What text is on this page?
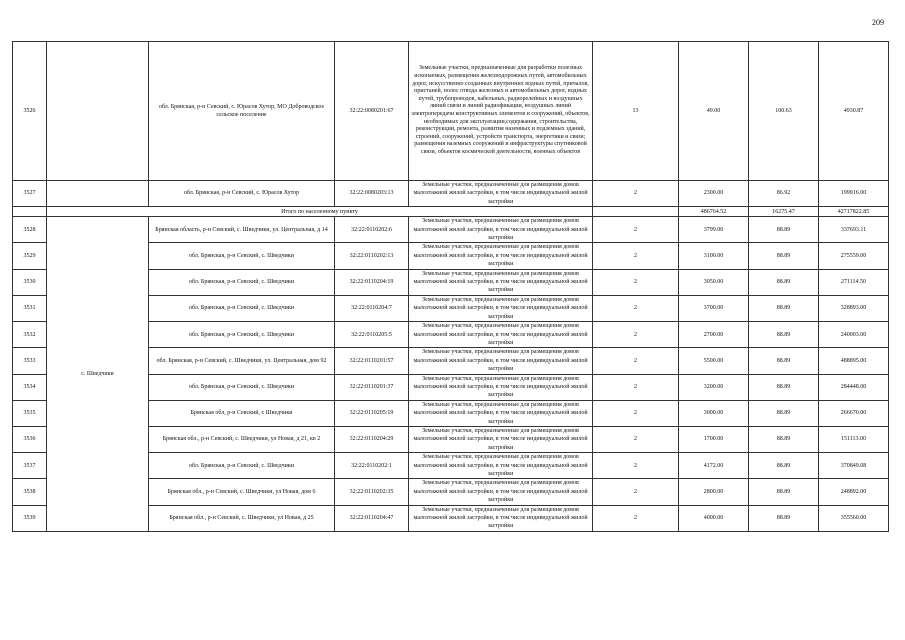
209
3526		обл. Брянская, р-н Севский, с. Юрасов Хутор, МО Доброводское сельское поселение	32:22:0080201:67	Земельные участки, предназначенные для разработки полезных ископаемых, размещения железнодорожных путей, автомобильных дорог, искусственно созданных внутренних водных путей, причалов, пристаней, полос отвода железных и автомобильных дорог, водных путей, трубопроводов, кабельных, радиорелейных и воздушных линий связи и линий радиофикации, воздушных линий электропередачи конструктивных элементов и сооружений, объектов, необходимых для эксплуатации,содержания, строительства, реконструкции, ремонта, развития наземных и подземных зданий, строений, сооружений, устройств транспорта, энергетики и связи; размещения наземных сооружений и инфраструктуры спутниковой связи, объектов космической деятельности, военных объектов	13	49.00	100.63	4930.87
3527		обл. Брянская, р-н Севский, с. Юрасов Хутор	32:22:0080203:13	Земельные участки, предназначенные для размещения домов малоэтажной жилой застройки, в том числе индивидуальной жилой застройки	2	2300.00	86.92	199916.00
	Итого по населенному пункту					486764.52	16275.47	42717822.85
3528	с. Шведчики	Брянская область, р-н Севский, с. Шведчики, ул. Центральная, д 14	32:22:0110202:6	Земельные участки, предназначенные для размещения домов малоэтажной жилой застройки, в том числе индивидуальной жилой застройки	2	3799.00	88.89	337693.11
3529		обл. Брянская, р-н Севский, с. Шведчики	32:22:0110202:13	Земельные участки, предназначенные для размещения домов малоэтажной жилой застройки, в том числе индивидуальной жилой застройки	2	3100.00	88.89	275559.00
3530		обл. Брянская, р-н Севский, с. Шведчики	32:22:0110204:19	Земельные участки, предназначенные для размещения домов малоэтажной жилой застройки, в том числе индивидуальной жилой застройки	2	3050.00	88.89	271114.50
3531		обл. Брянская, р-н Севский, с. Шведчики	32:22:0110204:7	Земельные участки, предназначенные для размещения домов малоэтажной жилой застройки, в том числе индивидуальной жилой застройки	2	3700.00	88.89	328893.00
3532		обл. Брянская, р-н Севский, с. Шведчики	32:22:0110205:5	Земельные участки, предназначенные для размещения домов малоэтажной жилой застройки, в том числе индивидуальной жилой застройки	2	2700.00	88.89	240003.00
3533		обл. Брянская, р-н Севский, с. Шведчики, ул. Центральная, дом 92	32:22:0110201:57	Земельные участки, предназначенные для размещения домов малоэтажной жилой застройки, в том числе индивидуальной жилой застройки	2	5500.00	88.89	488895.00
3534		обл. Брянская, р-н Севский, с. Шведчики	32:22:0110201:37	Земельные участки, предназначенные для размещения домов малоэтажной жилой застройки, в том числе индивидуальной жилой застройки	2	3200.00	88.89	284448.00
3535		Брянская обл, р-н Севский, с Шведчики	32:22:0110205:19	Земельные участки, предназначенные для размещения домов малоэтажной жилой застройки, в том числе индивидуальной жилой застройки	2	3000.00	88.89	266670.00
3536		Брянская обл., р-н Севский, с. Шведчики, ул Новая, д 21, кв 2	32:22:0110204:29	Земельные участки, предназначенные для размещения домов малоэтажной жилой застройки, в том числе индивидуальной жилой застройки	2	1700.00	88.89	151113.00
3537		обл. Брянская, р-н Севский, с. Шведчики	32:22:0110202:1	Земельные участки, предназначенные для размещения домов малоэтажной жилой застройки, в том числе индивидуальной жилой застройки	2	4172.00	88.89	370849.08
3538		Брянская обл., р-н Севский, с. Шведчики, ул Новая, дом 6	32:22:0110202:35	Земельные участки, предназначенные для размещения домов малоэтажной жилой застройки, в том числе индивидуальной жилой застройки	2	2800.00	88.89	248892.00
3539		Брянская обл., р-н Севский, с. Шведчики, ул Новая, д 25	32:22:0110204:47	Земельные участки, предназначенные для размещения домов малоэтажной жилой застройки, в том числе индивидуальной жилой застройки	2	4000.00	88.89	355560.00
